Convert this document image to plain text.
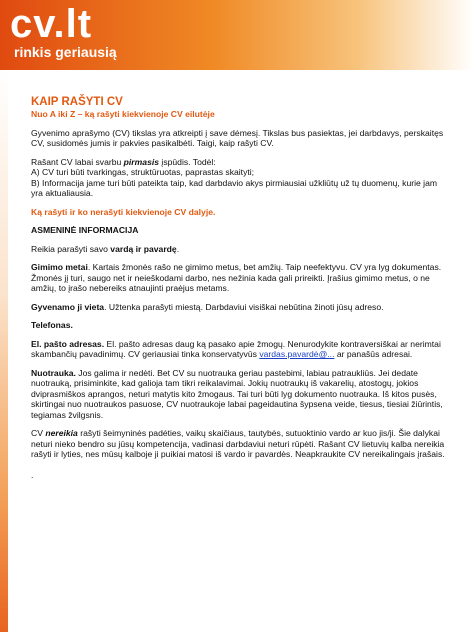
cv.lt
rinkis geriausią
KAIP RAŠYTI CV
Nuo A iki Z – ką rašyti kiekvienoje CV eilutėje

Gyvenimo aprašymo (CV) tikslas yra atkreipti į save dėmesį. Tikslas bus pasiektas, jei darbdavys, perskaitęs CV, susidomės jumis ir pakvies pasikalbėti. Taigi, kaip rašyti CV.

Rašant CV labai svarbu pirmasis įspūdis. Todėl:
A) CV turi būti tvarkingas, struktūruotas, paprastas skaityti;
B) Informacija jame turi būti pateikta taip, kad darbdavio akys pirmiausiai užkliūtų už tų duomenų, kurie jam yra aktualiausia.

Ką rašyti ir ko nerašyti kiekvienoje CV dalyje.

ASMENINĖ INFORMACIJA

Reikia parašyti savo vardą ir pavardę.

Gimimo metai. Kartais žmonės rašo ne gimimo metus, bet amžių. Taip neefektyvu. CV yra lyg dokumentas. Žmonės jį turi, saugo net ir neieškodami darbo, nes nežinia kada gali prireikti. Įrašius gimimo metus, o ne amžių, to įrašo nebereiks atnaujinti praėjus metams.

Gyvenamo ji vieta. Užtenka parašyti miestą. Darbdaviui visiškai nebūtina žinoti jūsų adreso.

Telefonas.

El. pašto adresas. El. pašto adresas daug ką pasako apie žmogų. Nenurodykite kontraversiškai ar nerimtai skambančių pavadinimų. CV geriausiai tinka konservatyvūs vardas.pavardė@... ar panašūs adresai.

Nuotrauka. Jos galima ir nedėti. Bet CV su nuotrauka geriau pastebimi, labiau patraukliūs. Jei dedate nuotrauką, prisiminkite, kad galioja tam tikri reikalavimai. Jokių nuotraukų iš vakarelių, atostogų, jokios dviprasmiškos aprangos, neturi matytis kito žmogaus. Tai turi būti lyg dokumento nuotrauka. Iš kitos pusės, skirtingai nuo nuotraukos pasuose, CV nuotraukoje labai pageidautina šypsena veide, tiesus, tiesiai žiūrintis, tegiamas žvilgsnis.

CV nereikia rašyti šeimyninės padėties, vaikų skaičiaus, tautybės, sutuoktinio vardo ar kuo jis/ji. Šie dalykai neturi nieko bendro su jūsų kompetencija, vadinasi darbdaviui neturi rūpėti. Rašant CV lietuvių kalba nereikia rašyti ir lyties, nes mūsų kalboje ji puikiai matosi iš vardo ir pavardės. Neapkraukite CV nereikalingais įrašais.

.
